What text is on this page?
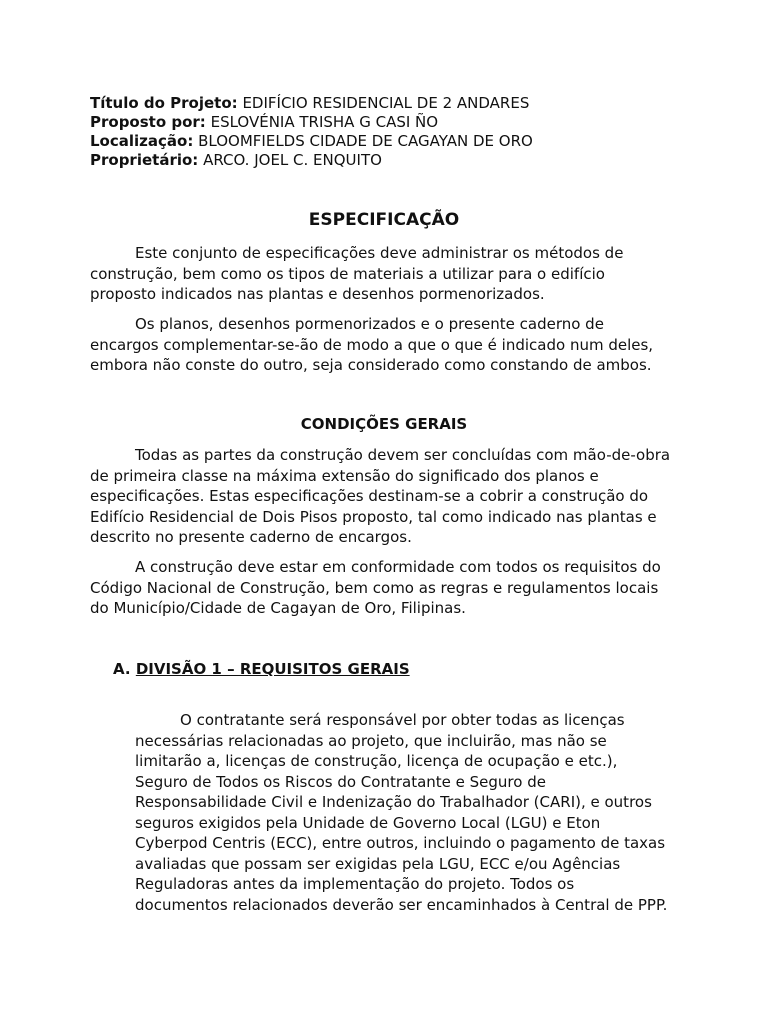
Título do Projeto: EDIFÍCIO RESIDENCIAL DE 2 ANDARES
Proposto por: ESLOVÉNIA TRISHA G CASI ÑO
Localização: BLOOMFIELDS CIDADE DE CAGAYAN DE ORO
Proprietário: ARCO. JOEL C. ENQUITO
ESPECIFICAÇÃO
Este conjunto de especificações deve administrar os métodos de
construção, bem como os tipos de materiais a utilizar para o edifício
proposto indicados nas plantas e desenhos pormenorizados.
Os planos, desenhos pormenorizados e o presente caderno de
encargos complementar-se-ão de modo a que o que é indicado num deles,
embora não conste do outro, seja considerado como constando de ambos.
CONDIÇÕES GERAIS
Todas as partes da construção devem ser concluídas com mão-de-obra
de primeira classe na máxima extensão do significado dos planos e
especificações. Estas especificações destinam-se a cobrir a construção do
Edifício Residencial de Dois Pisos proposto, tal como indicado nas plantas e
descrito no presente caderno de encargos.
A construção deve estar em conformidade com todos os requisitos do
Código Nacional de Construção, bem como as regras e regulamentos locais
do Município/Cidade de Cagayan de Oro, Filipinas.
A. DIVISÃO 1 – REQUISITOS GERAIS
O contratante será responsável por obter todas as licenças
necessárias relacionadas ao projeto, que incluirão, mas não se
limitarão a, licenças de construção, licença de ocupação e etc.),
Seguro de Todos os Riscos do Contratante e Seguro de
Responsabilidade Civil e Indenização do Trabalhador (CARI), e outros
seguros exigidos pela Unidade de Governo Local (LGU) e Eton
Cyberpod Centris (ECC), entre outros, incluindo o pagamento de taxas
avaliadas que possam ser exigidas pela LGU, ECC e/ou Agências
Reguladoras antes da implementação do projeto. Todos os
documentos relacionados deverão ser encaminhados à Central de PPP.
